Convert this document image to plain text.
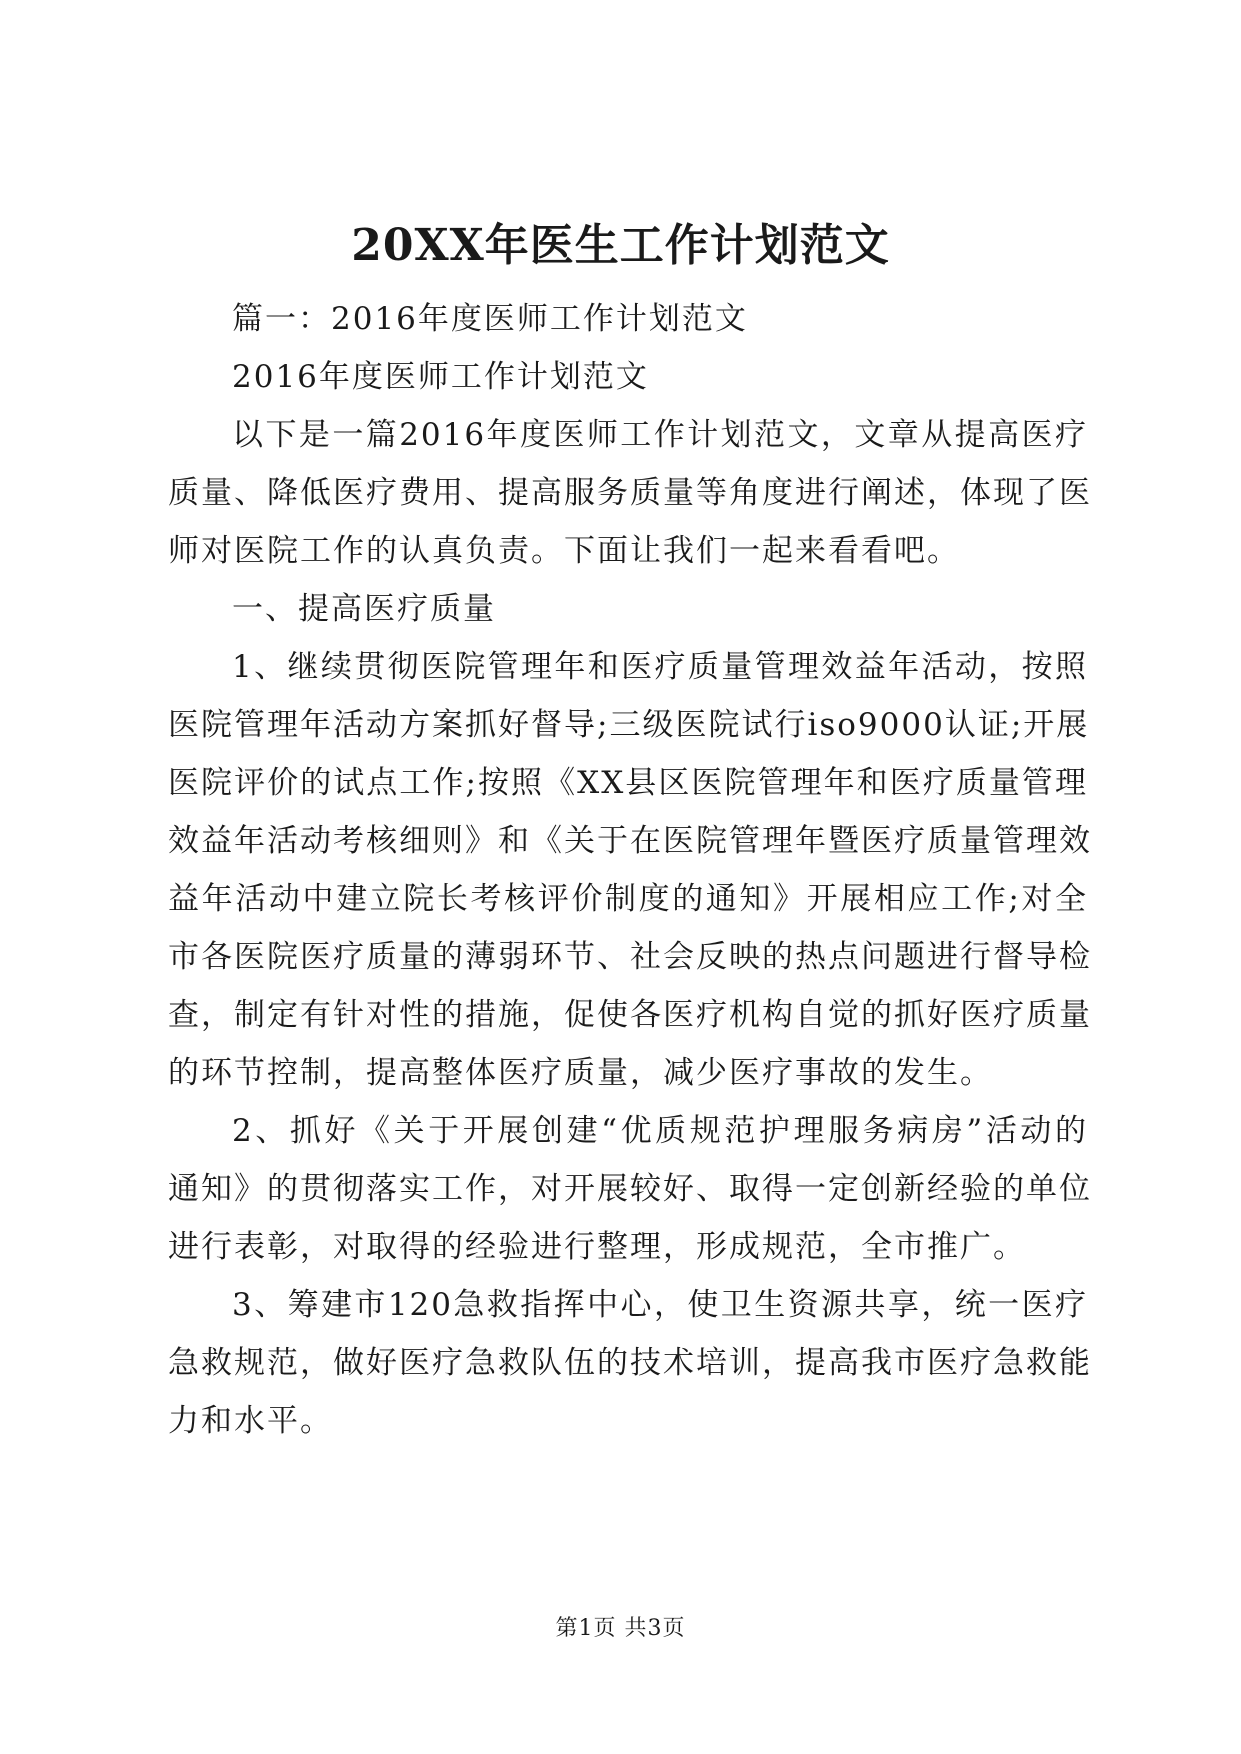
20XX年医生工作计划范文
篇一：2016年度医师工作计划范文
2016年度医师工作计划范文
以下是一篇2016年度医师工作计划范文，文章从提高医疗
质量、降低医疗费用、提高服务质量等角度进行阐述，体现了医
师对医院工作的认真负责。下面让我们一起来看看吧。
一、提高医疗质量
1、继续贯彻医院管理年和医疗质量管理效益年活动，按照
医院管理年活动方案抓好督导;三级医院试行iso9000认证;开展
医院评价的试点工作;按照《XX县区医院管理年和医疗质量管理
效益年活动考核细则》和《关于在医院管理年暨医疗质量管理效
益年活动中建立院长考核评价制度的通知》开展相应工作;对全
市各医院医疗质量的薄弱环节、社会反映的热点问题进行督导检
查，制定有针对性的措施，促使各医疗机构自觉的抓好医疗质量
的环节控制，提高整体医疗质量，减少医疗事故的发生。
2、抓好《关于开展创建“优质规范护理服务病房”活动的
通知》的贯彻落实工作，对开展较好、取得一定创新经验的单位
进行表彰，对取得的经验进行整理，形成规范，全市推广。
3、筹建市120急救指挥中心，使卫生资源共享，统一医疗
急救规范，做好医疗急救队伍的技术培训，提高我市医疗急救能
力和水平。
第1页 共3页
